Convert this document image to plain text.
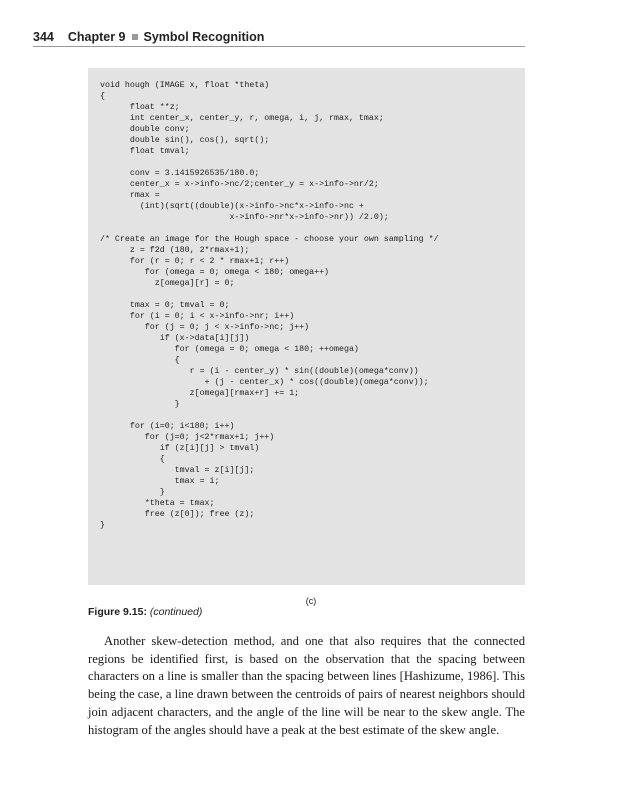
344 Chapter 9 Symbol Recognition
void hough (IMAGE x, float *theta)
{
float **z;
int center_x, center_y, r, omega, i, j, rmax, tmax;
double conv;
double sin(), cos(), sqrt();
float tmval;

conv = 3.1415926535/180.0;
center_x = x->info->nc/2;center_y = x->info->nr/2;
rmax =
(int)(sqrt((double)(x->info->nc*x->info->nc +
x->info->nr*x->info->nr)) /2.0);

/* Create an image for the Hough space - choose your own sampling */
z = f2d (180, 2*rmax+1);
for (r = 0; r < 2 * rmax+1; r++)
for (omega = 0; omega < 180; omega++)
z[omega][r] = 0;

tmax = 0; tmval = 0;
for (i = 0; i < x->info->nr; i++)
for (j = 0; j < x->info->nc; j++)
if (x->data[i][j])
for (omega = 0; omega < 180; ++omega)
{
r = (i - center_y) * sin((double)(omega*conv))
+ (j - center_x) * cos((double)(omega*conv));
z[omega][rmax+r] += 1;
}

for (i=0; i<180; i++)
for (j=0; j<2*rmax+1; j++)
if (z[i][j] > tmval)
{
tmval = z[i][j];
tmax = i;
}
*theta = tmax;
free (z[0]); free (z);
}
(c)
Figure 9.15: (continued)

Another skew-detection method, and one that also requires that the connected regions be identified first, is based on the observation that the spacing between characters on a line is smaller than the spacing between lines [Hashizume, 1986]. This being the case, a line drawn between the centroids of pairs of nearest neighbors should join adjacent characters, and the angle of the line will be near to the skew angle. The histogram of the angles should have a peak at the best estimate of the skew angle.
